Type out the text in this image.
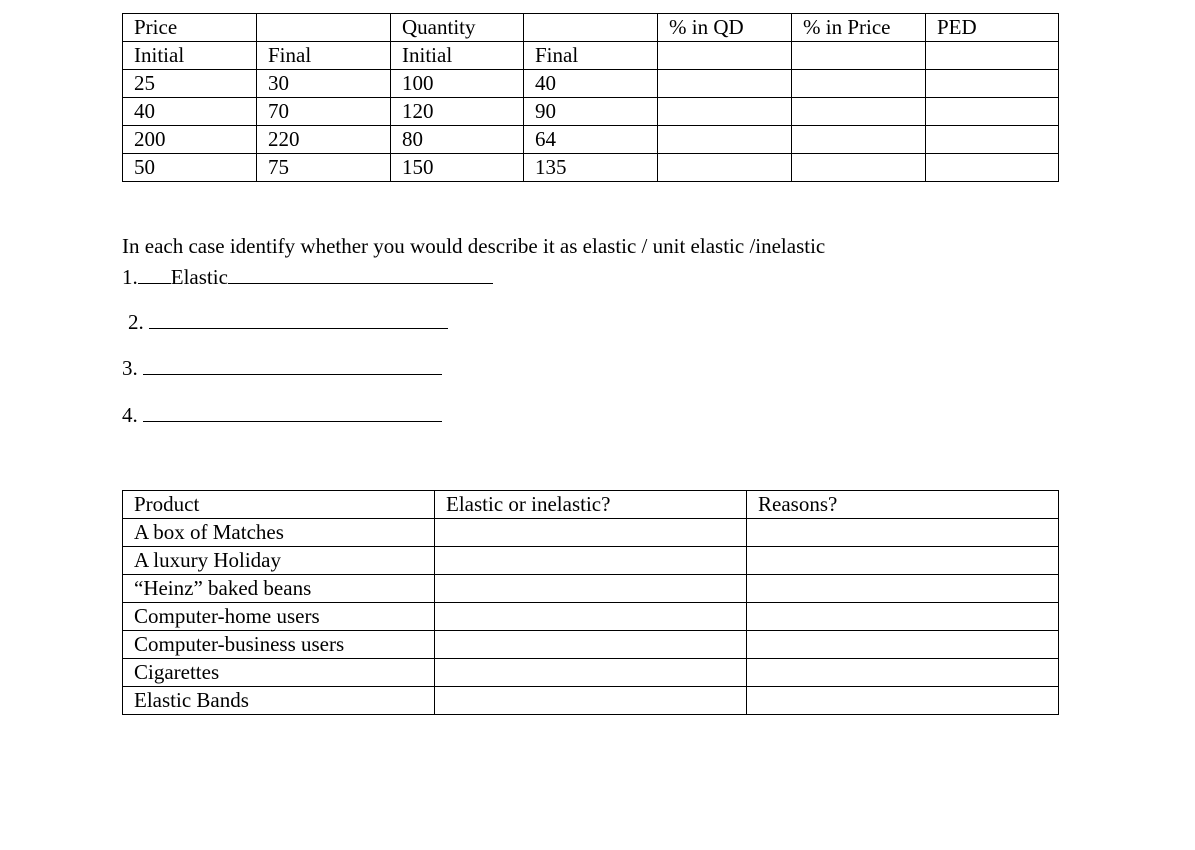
Price		Quantity		% in QD	% in Price	PED
Initial	Final	Initial	Final			
25	30	100	40			
40	70	120	90			
200	220	80	64			
50	75	150	135			
In each case identify whether you would describe it as elastic / unit elastic /inelastic
1. Elastic
2.
3.
4.
Product	Elastic or inelastic?	Reasons?
A box of Matches		
A luxury Holiday		
“Heinz” baked beans		
Computer-home users		
Computer-business users		
Cigarettes		
Elastic Bands		
